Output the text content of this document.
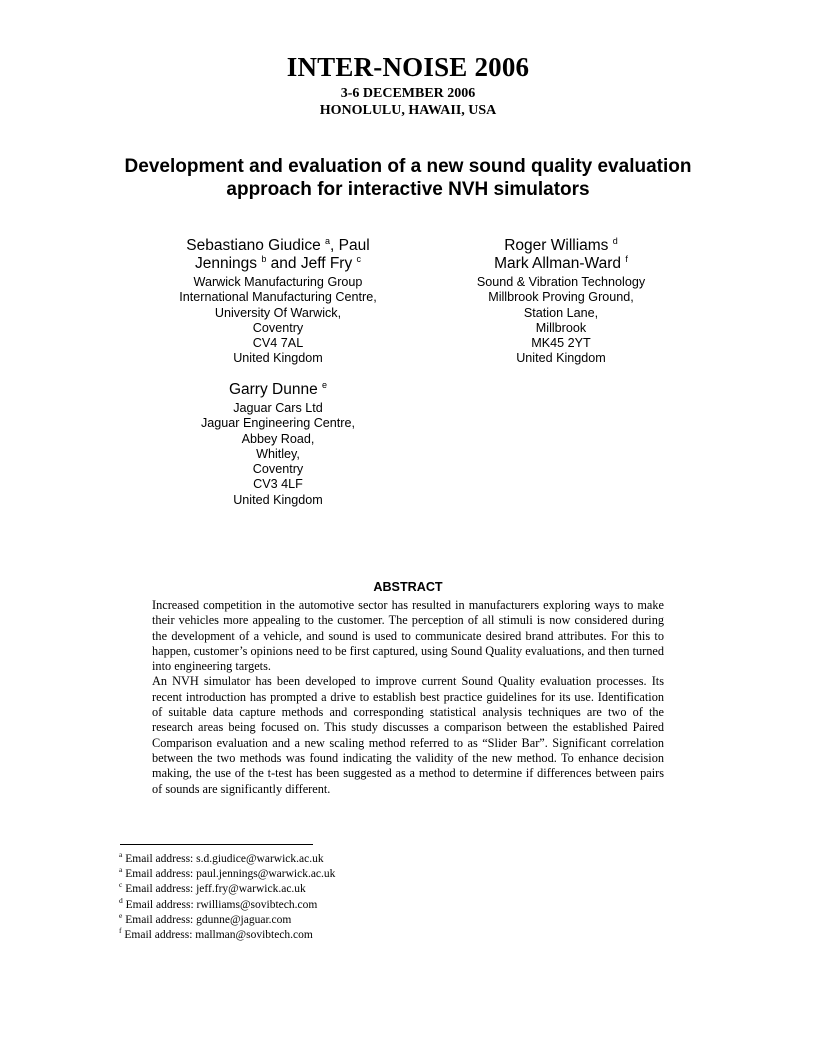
INTER-NOISE 2006
3-6 DECEMBER 2006
HONOLULU, HAWAII, USA
Development and evaluation of a new sound quality evaluation
approach for interactive NVH simulators
Sebastiano Giudice $^a$, Paul
Jennings $^b$ and Jeff Fry $^c$
Warwick Manufacturing Group
International Manufacturing Centre,
University Of Warwick,
Coventry
CV4 7AL
United Kingdom
Roger Williams $^d$
Mark Allman-Ward $^f$
Sound & Vibration Technology
Millbrook Proving Ground,
Station Lane,
Millbrook
MK45 2YT
United Kingdom
Garry Dunne $^e$
Jaguar Cars Ltd
Jaguar Engineering Centre,
Abbey Road,
Whitley,
Coventry
CV3 4LF
United Kingdom
ABSTRACT

Increased competition in the automotive sector has resulted in manufacturers exploring ways to make their vehicles more appealing to the customer. The perception of all stimuli is now considered during the development of a vehicle, and sound is used to communicate desired brand attributes. For this to happen, customer’s opinions need to be first captured, using Sound Quality evaluations, and then turned into engineering targets.

An NVH simulator has been developed to improve current Sound Quality evaluation processes. Its recent introduction has prompted a drive to establish best practice guidelines for its use. Identification of suitable data capture methods and corresponding statistical analysis techniques are two of the research areas being focused on. This study discusses a comparison between the established Paired Comparison evaluation and a new scaling method referred to as “Slider Bar”. Significant correlation between the two methods was found indicating the validity of the new method. To enhance decision making, the use of the t-test has been suggested as a method to determine if differences between pairs of sounds are significantly different.

$^a$ Email address: s.d.giudice@warwick.ac.uk
$^a$ Email address: paul.jennings@warwick.ac.uk
$^c$ Email address: jeff.fry@warwick.ac.uk
$^d$ Email address: rwilliams@sovibtech.com
$^e$ Email address: gdunne@jaguar.com
$^f$ Email address: mallman@sovibtech.com
